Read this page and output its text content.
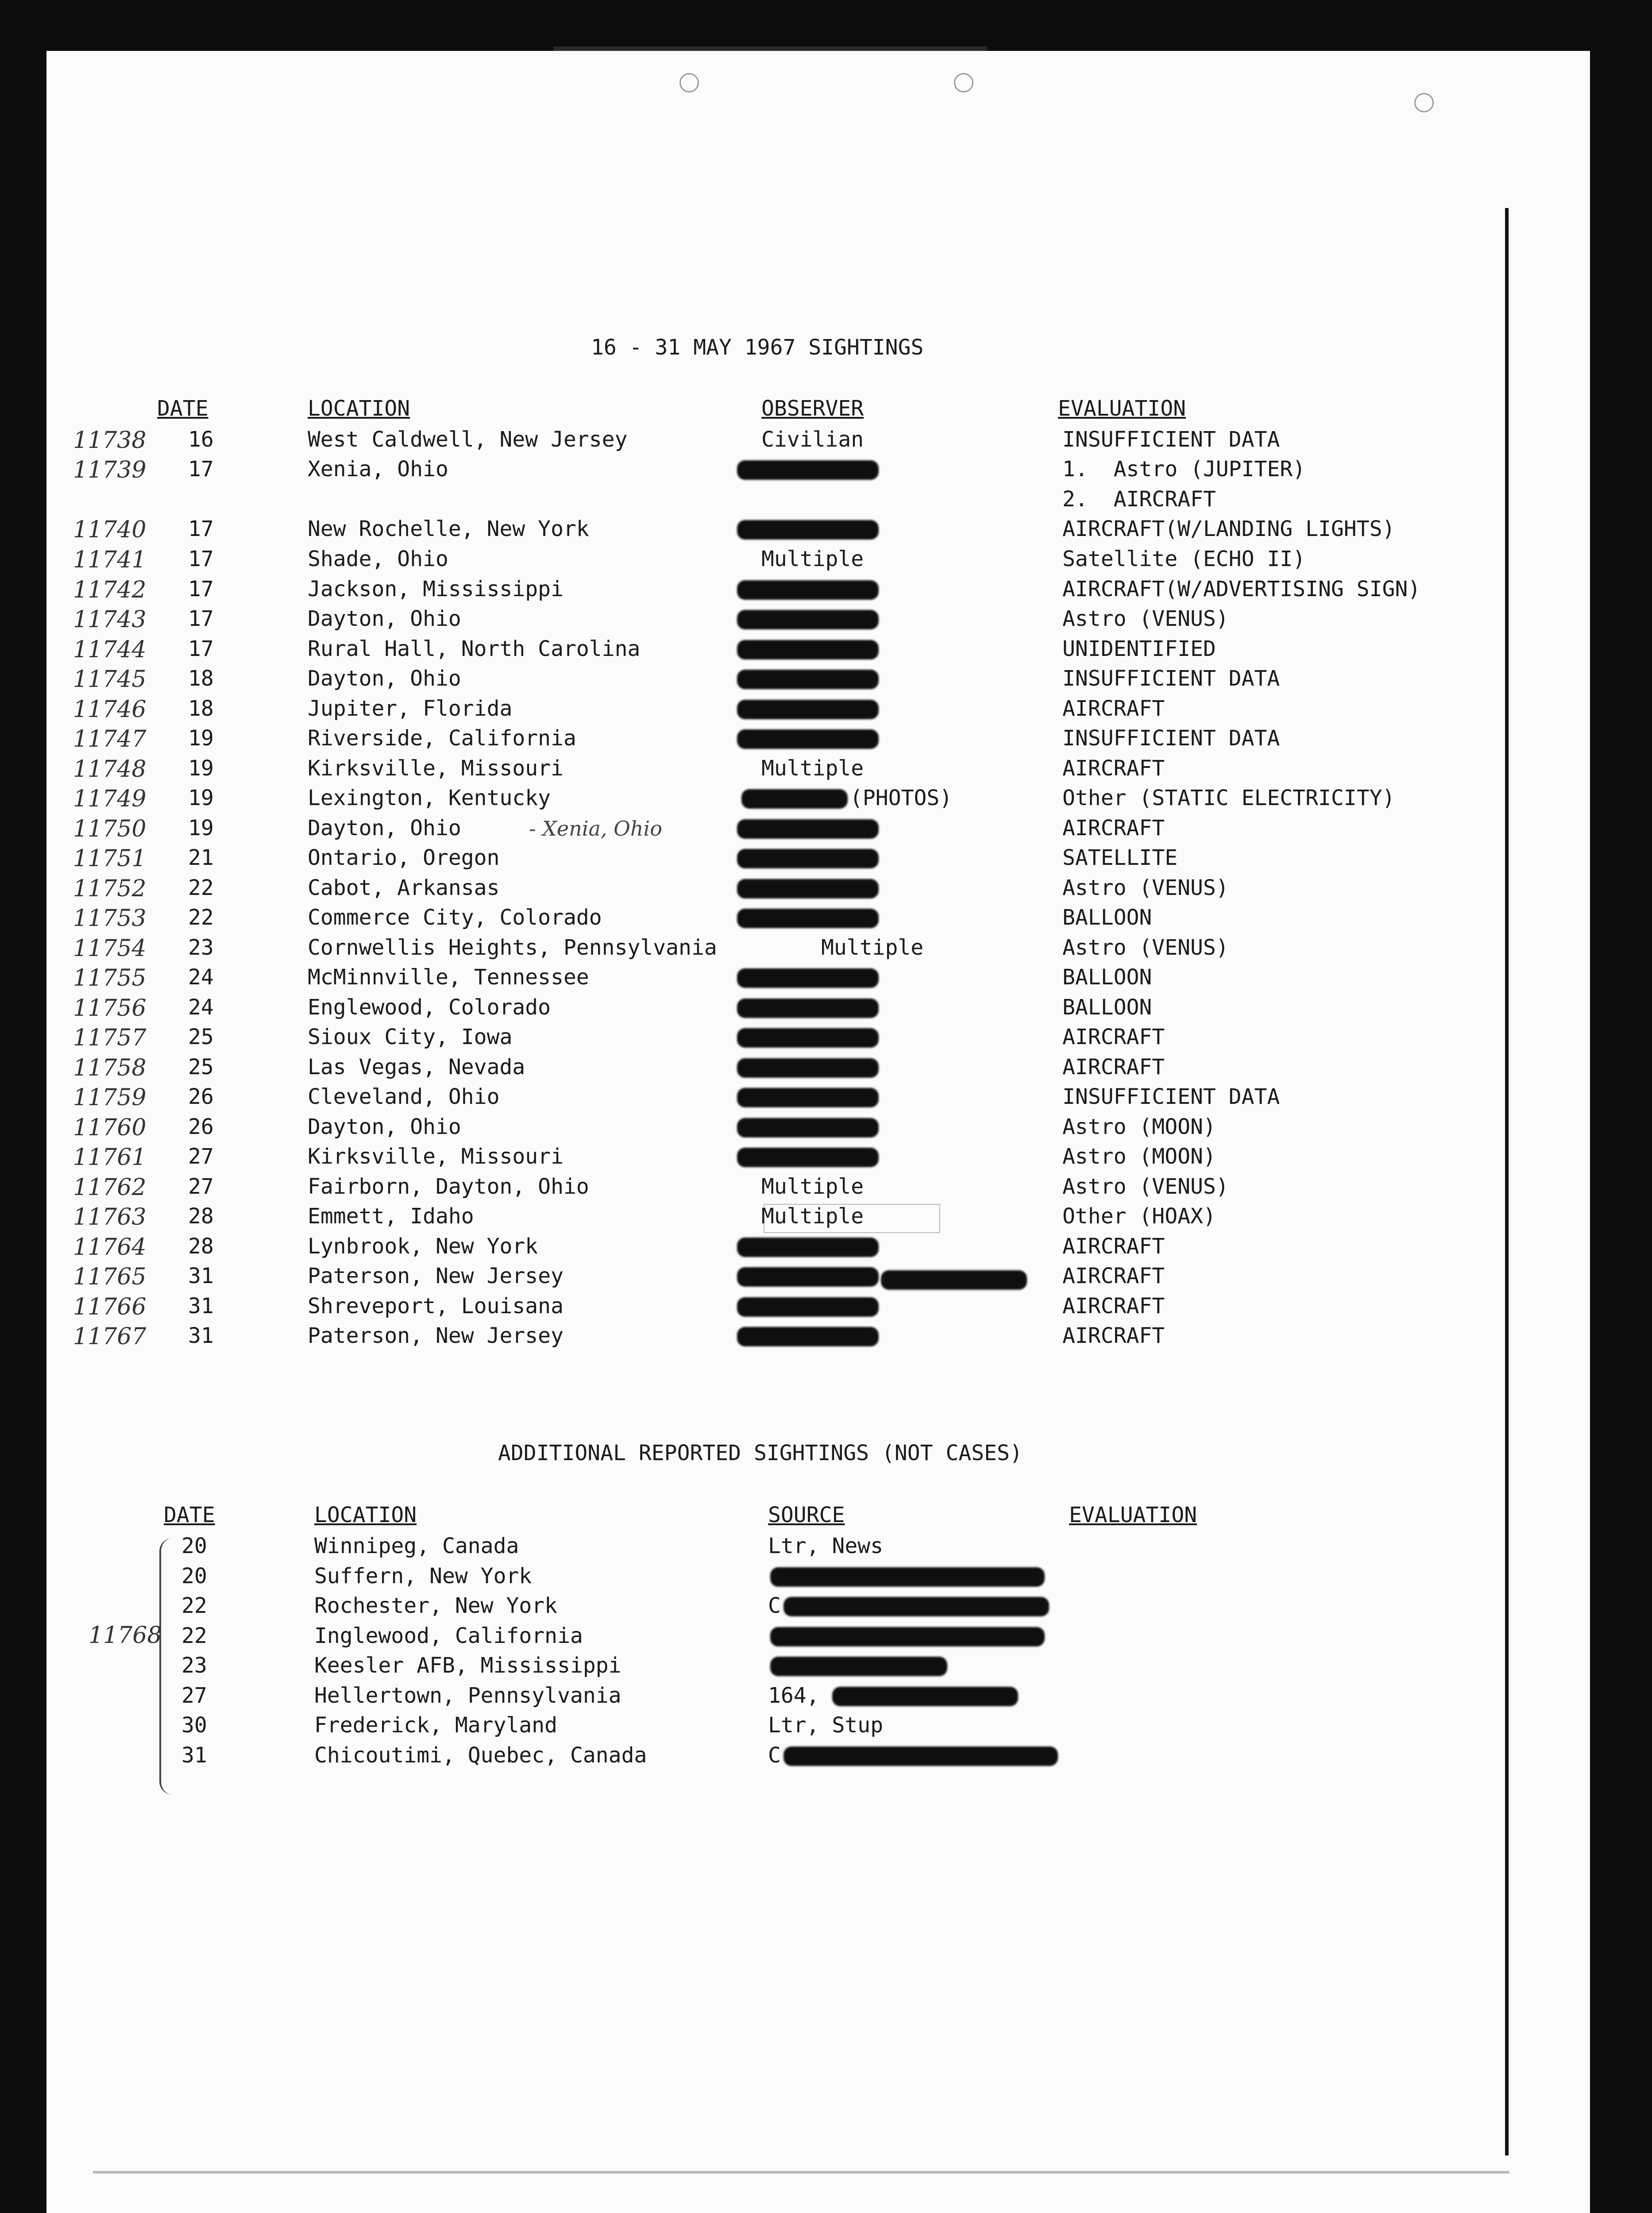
16 - 31 MAY 1967 SIGHTINGS
DATE	LOCATION	OBSERVER	EVALUATION
- Xenia, Ohio
ADDITIONAL REPORTED SIGHTINGS (NOT CASES)
DATE	LOCATION	SOURCE	EVALUATION
11768
11738 16	West Caldwell, New Jersey	Civilian	INSUFFICIENT DATA
11739 17	Xenia, Ohio	1.  Astro (JUPITER)
2.  AIRCRAFT
11740 17	New Rochelle, New York	AIRCRAFT(W/LANDING LIGHTS)
11741 17	Shade, Ohio	Multiple	Satellite (ECHO II)
11742 17	Jackson, Mississippi	AIRCRAFT(W/ADVERTISING SIGN)
11743 17	Dayton, Ohio	Astro (VENUS)
11744 17	Rural Hall, North Carolina	UNIDENTIFIED
11745 18	Dayton, Ohio	INSUFFICIENT DATA
11746 18	Jupiter, Florida	AIRCRAFT
11747 19	Riverside, California	INSUFFICIENT DATA
11748 19	Kirksville, Missouri	Multiple	AIRCRAFT
11749 19	Lexington, Kentucky	(PHOTOS)	Other (STATIC ELECTRICITY)
11750 19	Dayton, Ohio	AIRCRAFT
11751 21	Ontario, Oregon	SATELLITE
11752 22	Cabot, Arkansas	Astro (VENUS)
11753 22	Commerce City, Colorado	BALLOON
11754 23	Cornwellis Heights, Pennsylvania	Multiple	Astro (VENUS)
11755 24	McMinnville, Tennessee	BALLOON
11756 24	Englewood, Colorado	BALLOON
11757 25	Sioux City, Iowa	AIRCRAFT
11758 25	Las Vegas, Nevada	AIRCRAFT
11759 26	Cleveland, Ohio	INSUFFICIENT DATA
11760 26	Dayton, Ohio	Astro (MOON)
11761 27	Kirksville, Missouri	Astro (MOON)
11762 27	Fairborn, Dayton, Ohio	Multiple	Astro (VENUS)
11763 28	Emmett, Idaho	Multiple	Other (HOAX)
11764 28	Lynbrook, New York	AIRCRAFT
11765 31	Paterson, New Jersey	AIRCRAFT
11766 31	Shreveport, Louisana	AIRCRAFT
11767 31	Paterson, New Jersey	AIRCRAFT
20	Winnipeg, Canada	Ltr, News
20	Suffern, New York
22	Rochester, New York	C
22	Inglewood, California
23	Keesler AFB, Mississippi
27	Hellertown, Pennsylvania	164,
30	Frederick, Maryland	Ltr, Stup
31	Chicoutimi, Quebec, Canada	C
